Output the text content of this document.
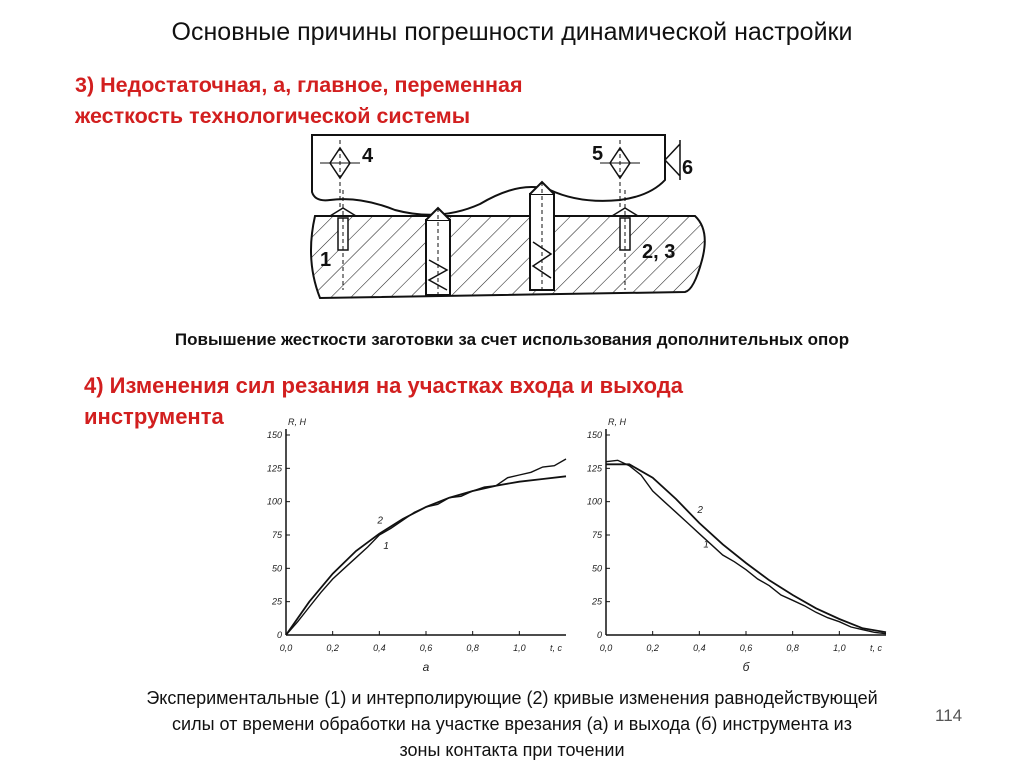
Основные причины погрешности динамической настройки
3) Недостаточная, а, главное, переменная
жесткость технологической системы
4	5
6
1	2, 3
Повышение жесткости заготовки за счет использования дополнительных опор
4) Изменения сил резания на участках входа и выхода
инструмента
0
25
50
75
100
125
150
0,0	0,2	0,4	0,6	0,8	1,0
R, Н
t, с
а
1
2
0
25
50
75
100
125
150
0,0	0,2	0,4	0,6	0,8	1,0
R, Н
t, с
б
1
2
Экспериментальные (1) и интерполирующие (2) кривые изменения равнодействующей
силы от времени обработки на участке врезания (а) и выхода (б) инструмента из
зоны контакта при точении
114
